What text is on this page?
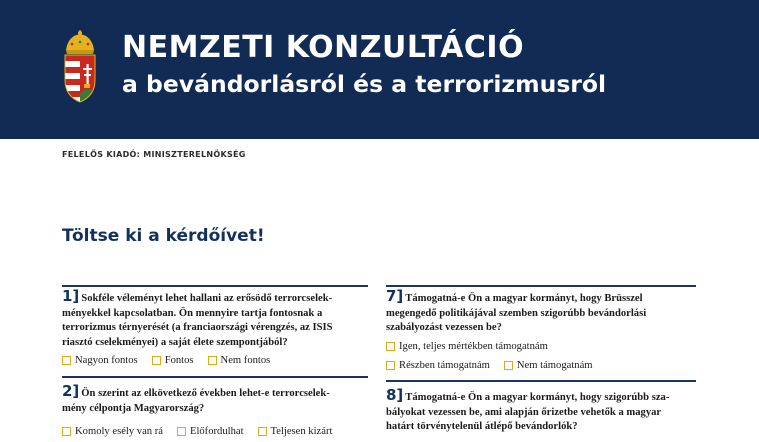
NEMZETI KONZULTÁCIÓ
a bevándorlásról és a terrorizmusról
FELELŐS KIADÓ: MINISZTERELNÖKSÉG
Töltse ki a kérdőívet!
1] Sokféle véleményt lehet hallani az erősödő terrorcselek-
ményekkel kapcsolatban. Ön mennyire tartja fontosnak a
terrorizmus térnyerését (a franciaországi vérengzés, az ISIS
riasztó cselekményei) a saját élete szempontjából?
Nagyon fontos	Fontos	Nem fontos
2] Ön szerint az elkövetkező években lehet-e terrorcselek-
mény célpontja Magyarország?
Komoly esély van rá	Előfordulhat	Teljesen kizárt
7] Támogatná-e Ön a magyar kormányt, hogy Brüsszel
megengedő politikájával szemben szigorúbb bevándorlási
szabályozást vezessen be?
Igen, teljes mértékben támogatnám
Részben támogatnám	Nem támogatnám
8] Támogatná-e Ön a magyar kormányt, hogy szigorúbb sza-
bályokat vezessen be, ami alapján őrizetbe vehetők a magyar
határt törvénytelenül átlépő bevándorlók?
